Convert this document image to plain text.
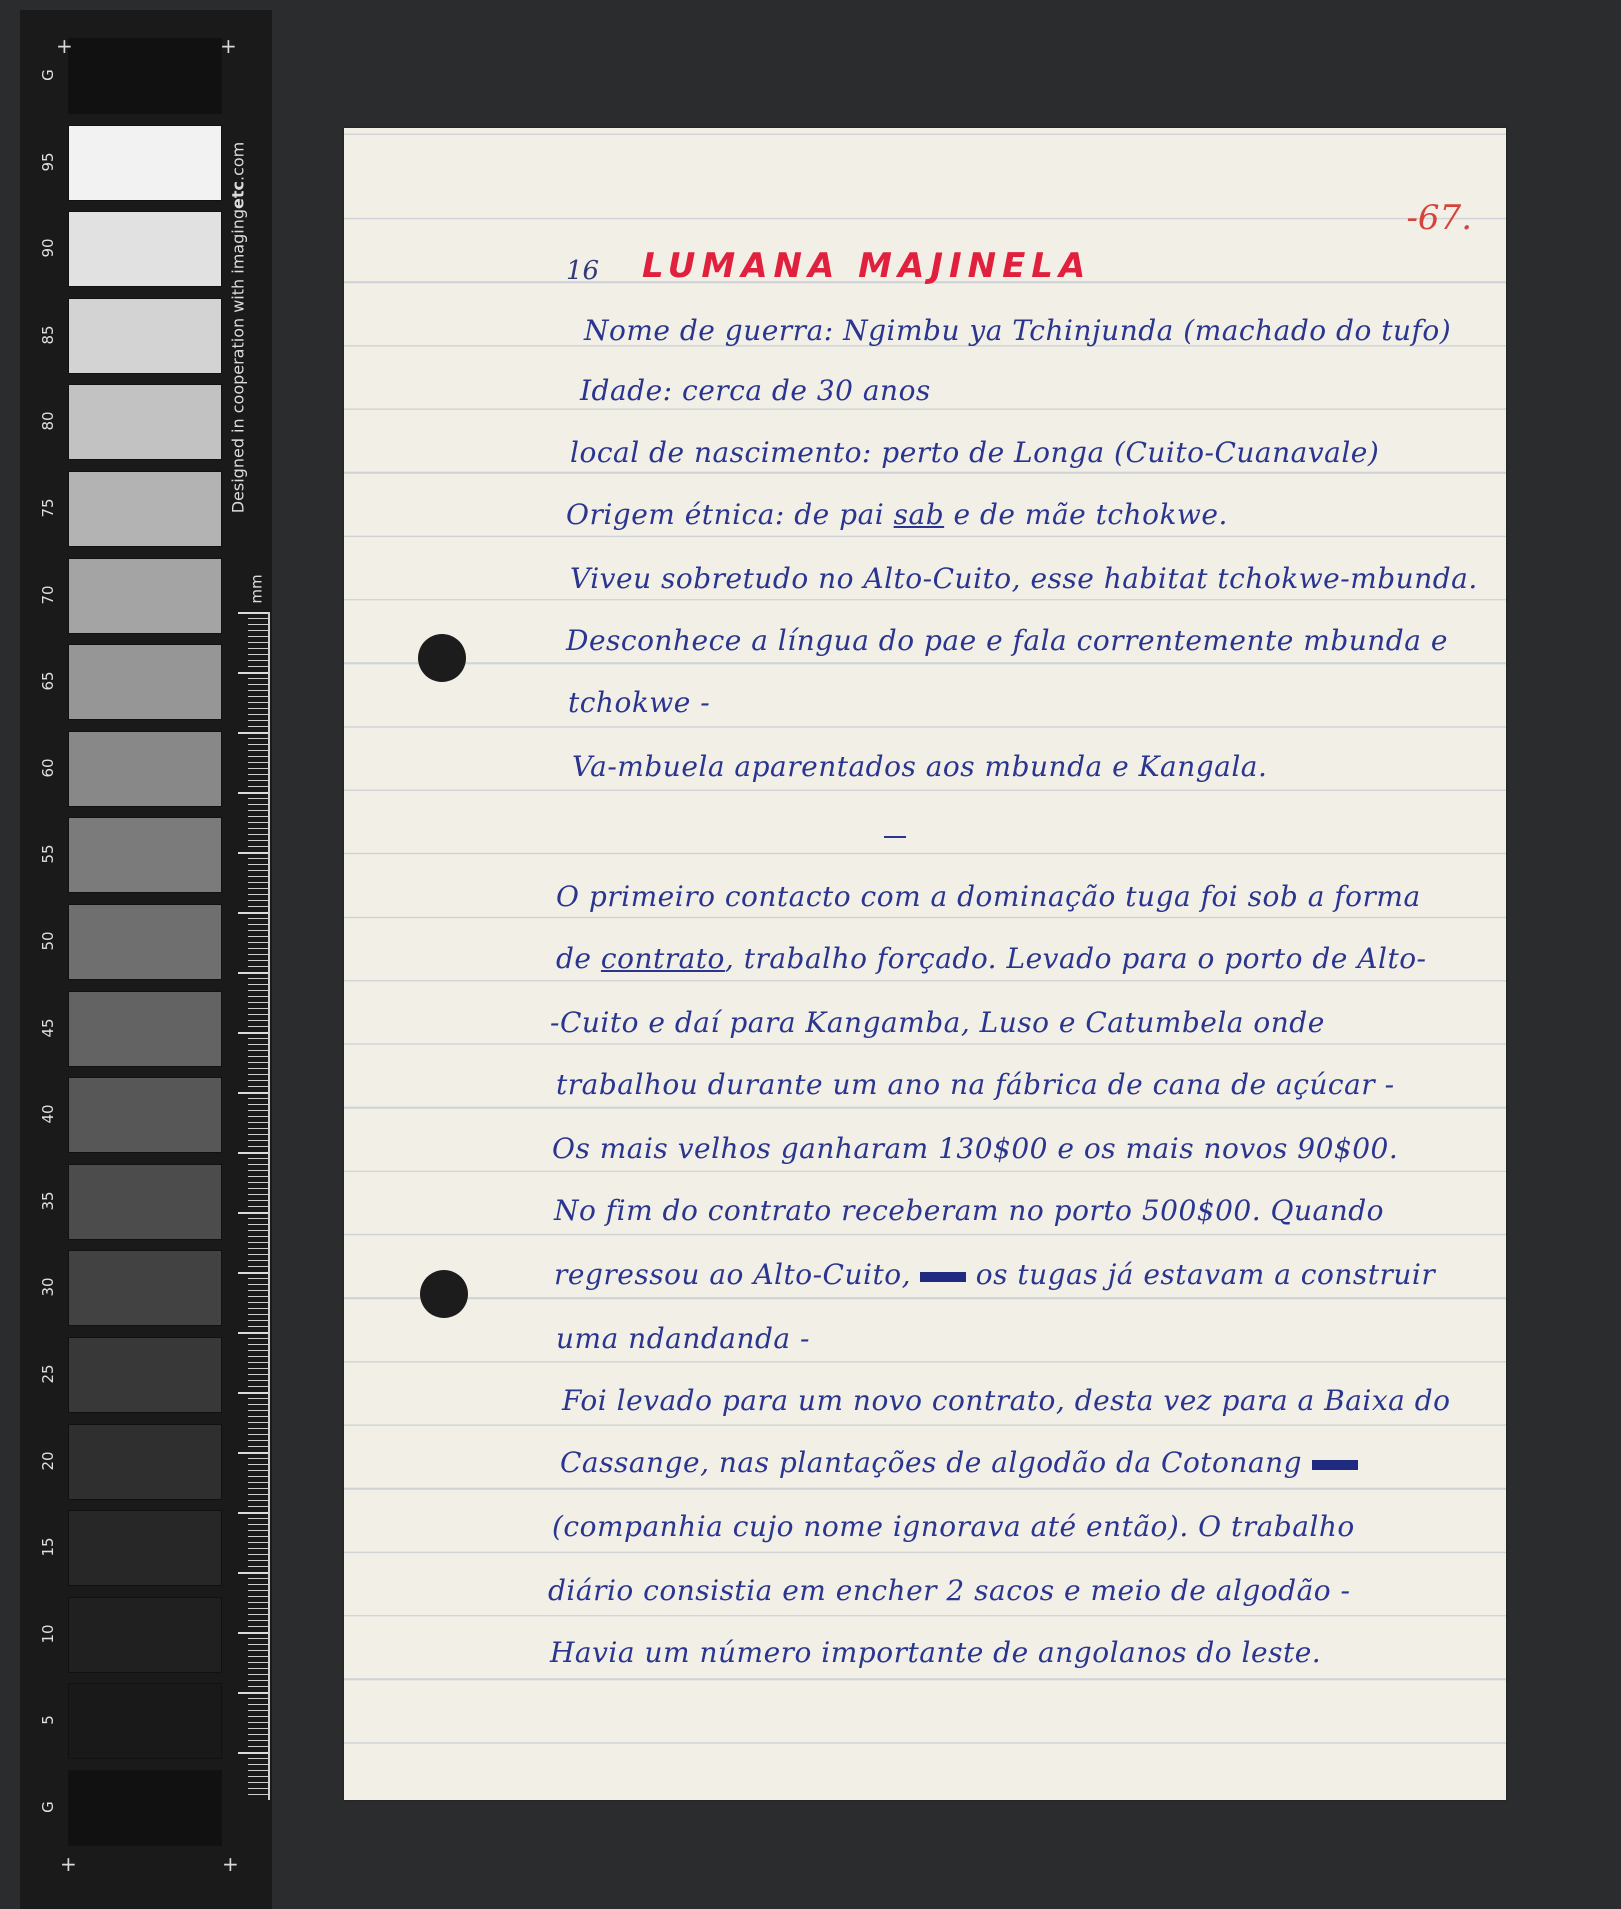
G
95
90
85
80
75
70
65
60
55
50
45
40
35
30
25
20
15
10
5
G
Designed in cooperation with imagingetc.com
mm
+	+
+	+
-67.
16 LUMANA MAJINELA
Nome de guerra: Ngimbu ya Tchinjunda (machado do tufo)
Idade: cerca de 30 anos
local de nascimento: perto de Longa (Cuito-Cuanavale)
Origem étnica: de pai sab e de mãe tchokwe.
Viveu sobretudo no Alto-Cuito, esse habitat tchokwe-mbunda.
Desconhece a língua do pae e fala correntemente mbunda e
tchokwe -
Va-mbuela aparentados aos mbunda e Kangala.
O primeiro contacto com a dominação tuga foi sob a forma
de contrato, trabalho forçado. Levado para o porto de Alto-
-Cuito e daí para Kangamba, Luso e Catumbela onde
trabalhou durante um ano na fábrica de cana de açúcar -
Os mais velhos ganharam 130$00 e os mais novos 90$00.
No fim do contrato receberam no porto 500$00. Quando
regressou ao Alto-Cuito,  os tugas já estavam a construir
uma ndandanda -
Foi levado para um novo contrato, desta vez para a Baixa do
Cassange, nas plantações de algodão da Cotonang
(companhia cujo nome ignorava até então). O trabalho
diário consistia em encher 2 sacos e meio de algodão -
Havia um número importante de angolanos do leste.
